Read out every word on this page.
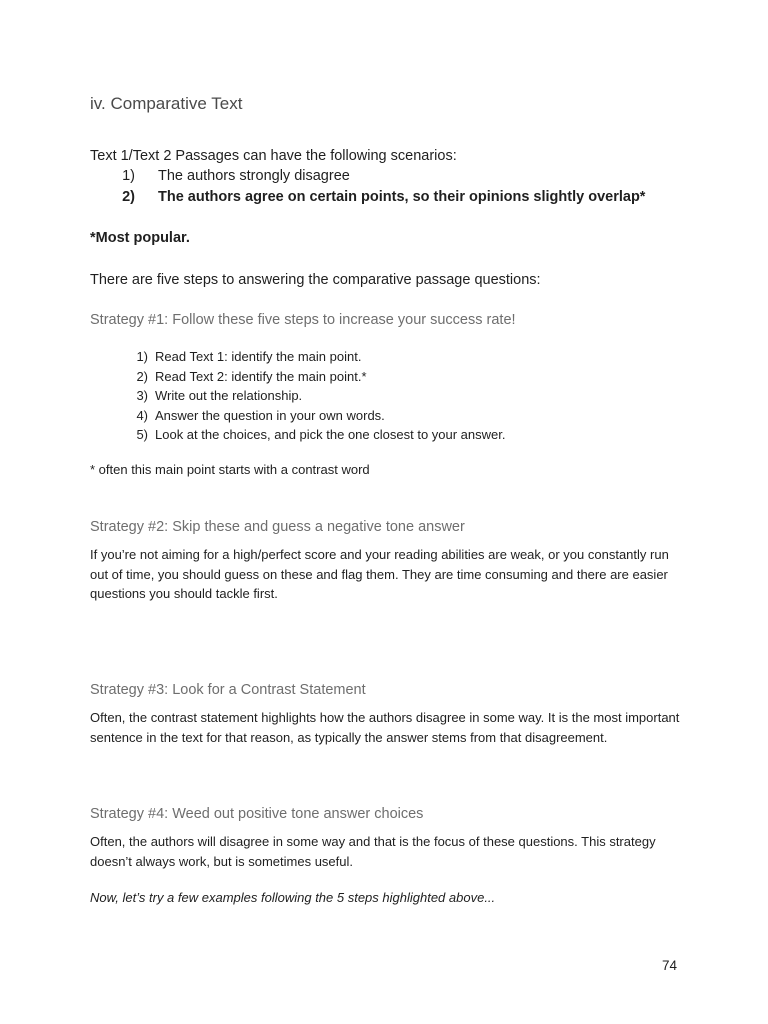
iv. Comparative Text

Text 1/Text 2 Passages can have the following scenarios:

1) The authors strongly disagree
2) The authors agree on certain points, so their opinions slightly overlap*

*Most popular.

There are five steps to answering the comparative passage questions:

Strategy #1: Follow these five steps to increase your success rate!
1) Read Text 1: identify the main point.
2) Read Text 2: identify the main point.*
3) Write out the relationship.
4) Answer the question in your own words.
5) Look at the choices, and pick the one closest to your answer.

* often this main point starts with a contrast word

Strategy #2: Skip these and guess a negative tone answer

If you’re not aiming for a high/perfect score and your reading abilities are weak, or you constantly run out of time, you should guess on these and flag them. They are time consuming and there are easier questions you should tackle first.

Strategy #3: Look for a Contrast Statement

Often, the contrast statement highlights how the authors disagree in some way. It is the most important sentence in the text for that reason, as typically the answer stems from that disagreement.

Strategy #4: Weed out positive tone answer choices

Often, the authors will disagree in some way and that is the focus of these questions. This strategy doesn’t always work, but is sometimes useful.

Now, let’s try a few examples following the 5 steps highlighted above...

74
